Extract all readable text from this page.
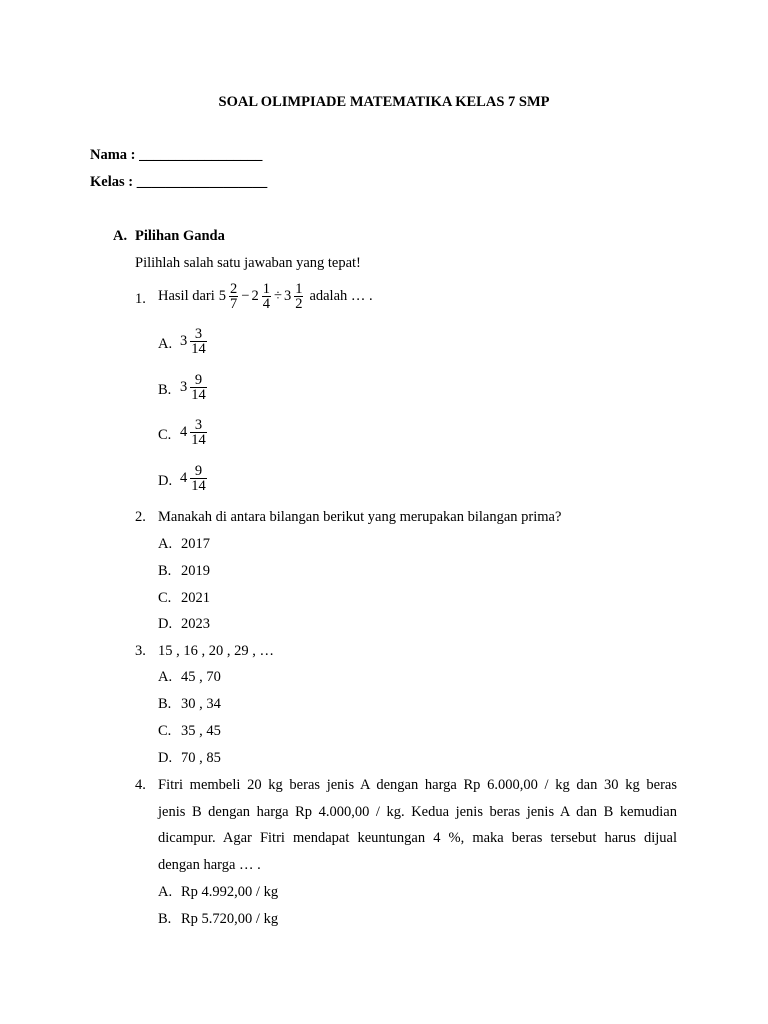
SOAL OLIMPIADE MATEMATIKA KELAS 7 SMP
Nama : _________________
Kelas : __________________
A. Pilihan Ganda
Pilihlah salah satu jawaban yang tepat!
1. Hasil dari $5 \frac{2}{7} - 2 \frac{1}{4} \div 3 \frac{1}{2}$ adalah … .
A. $3 \frac{3}{14}$
B. $3 \frac{9}{14}$
C. $4 \frac{3}{14}$
D. $4 \frac{9}{14}$
2. Manakah di antara bilangan berikut yang merupakan bilangan prima?
A. 2017
B. 2019
C. 2021
D. 2023
3. 15 , 16 , 20 , 29 , …
A. 45 , 70
B. 30 , 34
C. 35 , 45
D. 70 , 85
4. Fitri membeli 20 kg beras jenis A dengan harga Rp 6.000,00 / kg dan 30 kg beras
jenis B dengan harga Rp 4.000,00 / kg. Kedua jenis beras jenis A dan B kemudian
dicampur. Agar Fitri mendapat keuntungan 4 %, maka beras tersebut harus dijual
dengan harga … .
A. Rp 4.992,00 / kg
B. Rp 5.720,00 / kg
